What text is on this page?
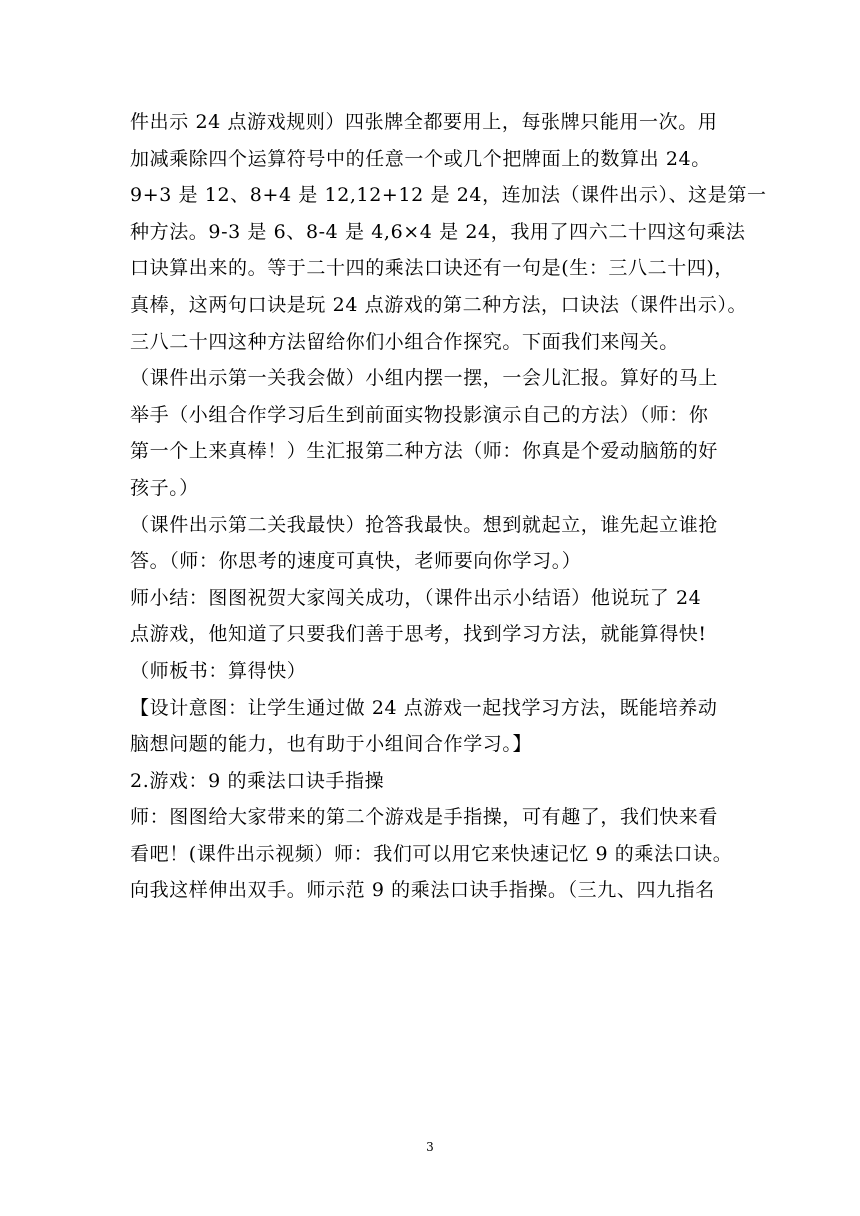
件出示 24 点游戏规则）四张牌全都要用上，每张牌只能用一次。用
加减乘除四个运算符号中的任意一个或几个把牌面上的数算出 24。
9+3 是 12、8+4 是 12,12+12 是 24，连加法（课件出示）、这是第一
种方法。9-3 是 6、8-4 是 4,6×4 是 24，我用了四六二十四这句乘法
口诀算出来的。等于二十四的乘法口诀还有一句是(生：三八二十四)，
真棒，这两句口诀是玩 24 点游戏的第二种方法，口诀法（课件出示）。
三八二十四这种方法留给你们小组合作探究。下面我们来闯关。
（课件出示第一关我会做）小组内摆一摆，一会儿汇报。算好的马上
举手（小组合作学习后生到前面实物投影演示自己的方法）（师：你
第一个上来真棒！）生汇报第二种方法（师：你真是个爱动脑筋的好
孩子。）
（课件出示第二关我最快）抢答我最快。想到就起立，谁先起立谁抢
答。（师：你思考的速度可真快，老师要向你学习。）
师小结：图图祝贺大家闯关成功，（课件出示小结语）他说玩了 24
点游戏，他知道了只要我们善于思考，找到学习方法，就能算得快!
（师板书：算得快）
【设计意图：让学生通过做 24 点游戏一起找学习方法，既能培养动
脑想问题的能力，也有助于小组间合作学习。】
2.游戏：9 的乘法口诀手指操
师：图图给大家带来的第二个游戏是手指操，可有趣了，我们快来看
看吧！(课件出示视频）师：我们可以用它来快速记忆 9 的乘法口诀。
向我这样伸出双手。师示范 9 的乘法口诀手指操。（三九、四九指名
3
